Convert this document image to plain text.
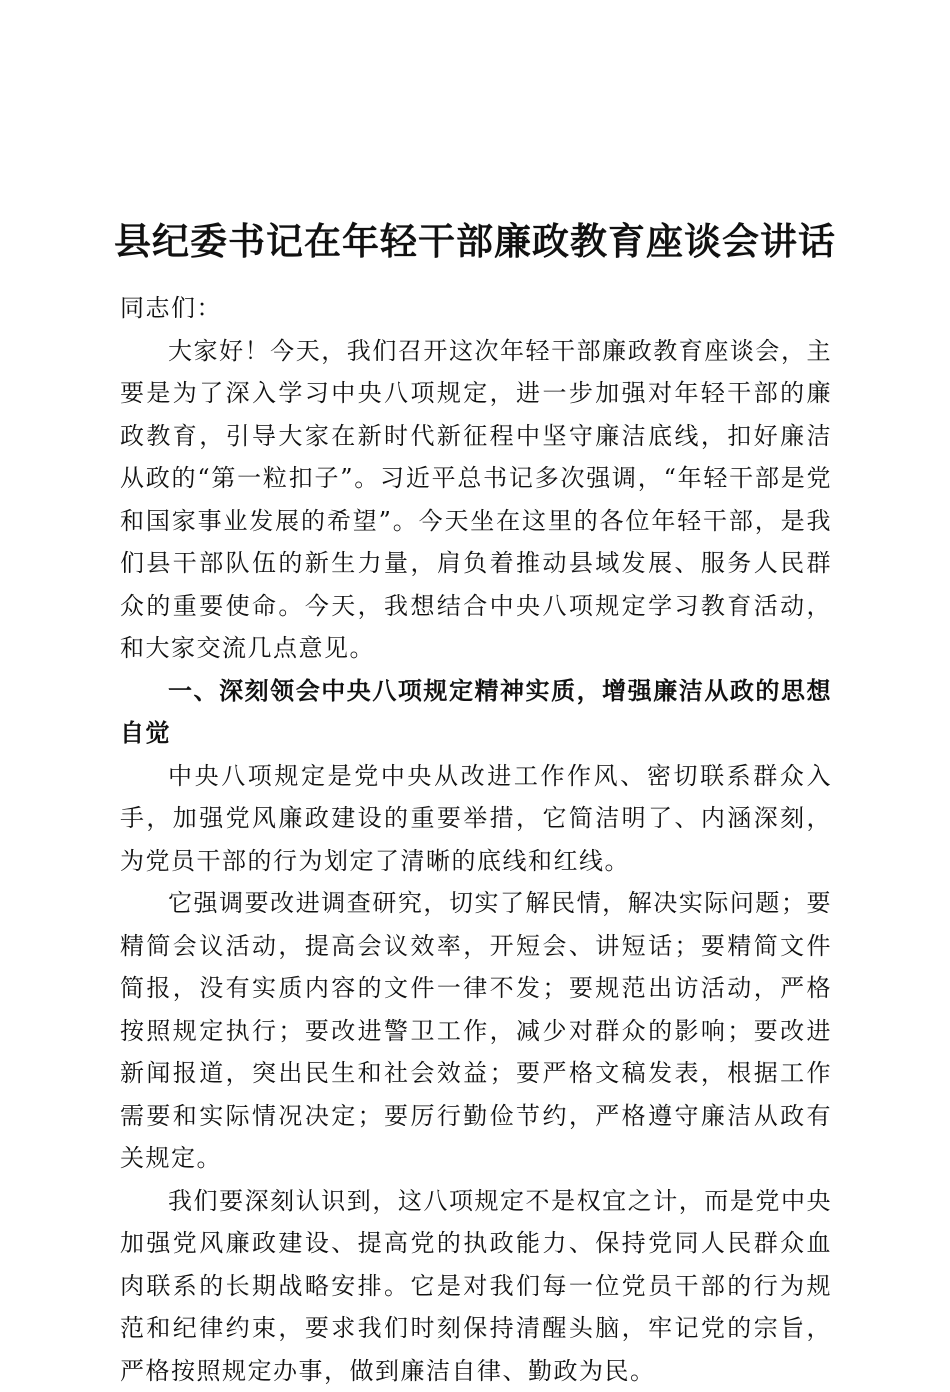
县纪委书记在年轻干部廉政教育座谈会讲话

同志们：

大家好！今天，我们召开这次年轻干部廉政教育座谈会，主要是为了深入学习中央八项规定，进一步加强对年轻干部的廉政教育，引导大家在新时代新征程中坚守廉洁底线，扣好廉洁从政的“第一粒扣子”。习近平总书记多次强调，“年轻干部是党和国家事业发展的希望”。今天坐在这里的各位年轻干部，是我们县干部队伍的新生力量，肩负着推动县域发展、服务人民群众的重要使命。今天，我想结合中央八项规定学习教育活动，和大家交流几点意见。

一、深刻领会中央八项规定精神实质，增强廉洁从政的思想自觉

中央八项规定是党中央从改进工作作风、密切联系群众入手，加强党风廉政建设的重要举措，它简洁明了、内涵深刻，为党员干部的行为划定了清晰的底线和红线。

它强调要改进调查研究，切实了解民情，解决实际问题；要精简会议活动，提高会议效率，开短会、讲短话；要精简文件简报，没有实质内容的文件一律不发；要规范出访活动，严格按照规定执行；要改进警卫工作，减少对群众的影响；要改进新闻报道，突出民生和社会效益；要严格文稿发表，根据工作需要和实际情况决定；要厉行勤俭节约，严格遵守廉洁从政有关规定。

我们要深刻认识到，这八项规定不是权宜之计，而是党中央加强党风廉政建设、提高党的执政能力、保持党同人民群众血肉联系的长期战略安排。它是对我们每一位党员干部的行为规范和纪律约束，要求我们时刻保持清醒头脑，牢记党的宗旨，严格按照规定办事，做到廉洁自律、勤政为民。
